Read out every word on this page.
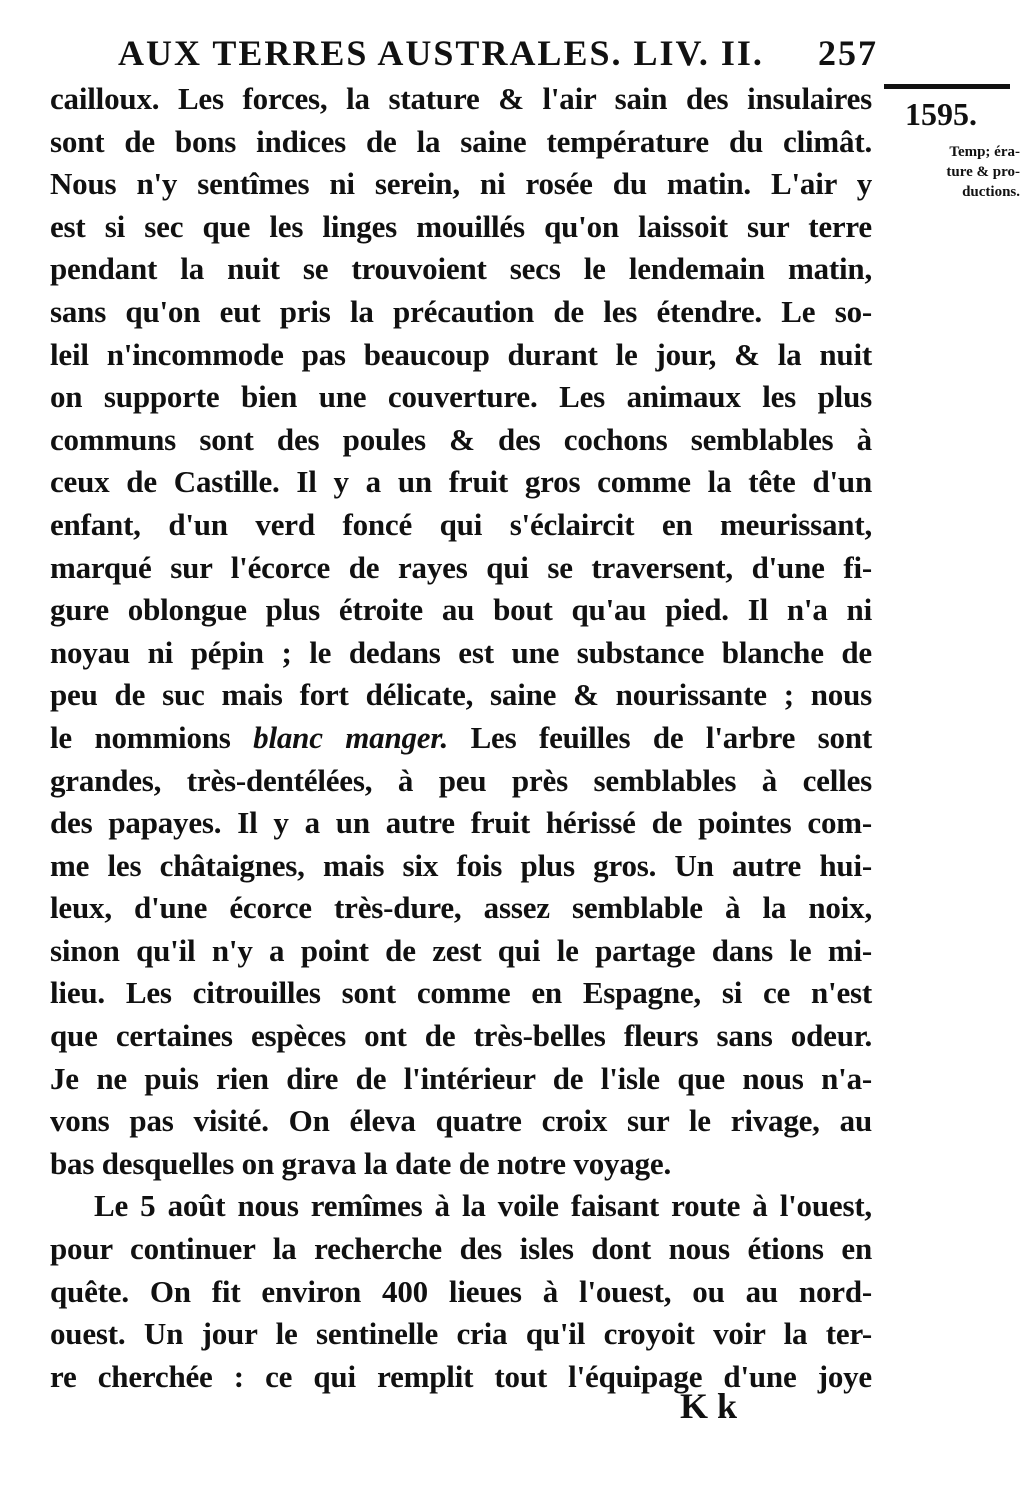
AUX TERRES AUSTRALES. LIV. II. 257
1595.
Temp; éra-
ture & pro-
ductions.
cailloux. Les forces, la stature & l'air sain des insulaires
sont de bons indices de la saine température du climât.
Nous n'y sentîmes ni serein, ni rosée du matin. L'air y
est si sec que les linges mouillés qu'on laissoit sur terre
pendant la nuit se trouvoient secs le lendemain matin,
sans qu'on eut pris la précaution de les étendre. Le so-
leil n'incommode pas beaucoup durant le jour, & la nuit
on supporte bien une couverture. Les animaux les plus
communs sont des poules & des cochons semblables à
ceux de Castille. Il y a un fruit gros comme la tête d'un
enfant, d'un verd foncé qui s'éclaircit en meurissant,
marqué sur l'écorce de rayes qui se traversent, d'une fi-
gure oblongue plus étroite au bout qu'au pied. Il n'a ni
noyau ni pépin ; le dedans est une substance blanche de
peu de suc mais fort délicate, saine & nourissante ; nous
le nommions blanc manger. Les feuilles de l'arbre sont
grandes, très-dentélées, à peu près semblables à celles
des papayes. Il y a un autre fruit hérissé de pointes com-
me les châtaignes, mais six fois plus gros. Un autre hui-
leux, d'une écorce très-dure, assez semblable à la noix,
sinon qu'il n'y a point de zest qui le partage dans le mi-
lieu. Les citrouilles sont comme en Espagne, si ce n'est
que certaines espèces ont de très-belles fleurs sans odeur.
Je ne puis rien dire de l'intérieur de l'isle que nous n'a-
vons pas visité. On éleva quatre croix sur le rivage, au
bas desquelles on grava la date de notre voyage.
Le 5 août nous remîmes à la voile faisant route à l'ouest,
pour continuer la recherche des isles dont nous étions en
quête. On fit environ 400 lieues à l'ouest, ou au nord-
ouest. Un jour le sentinelle cria qu'il croyoit voir la ter-
re cherchée : ce qui remplit tout l'équipage d'une joye
K k
